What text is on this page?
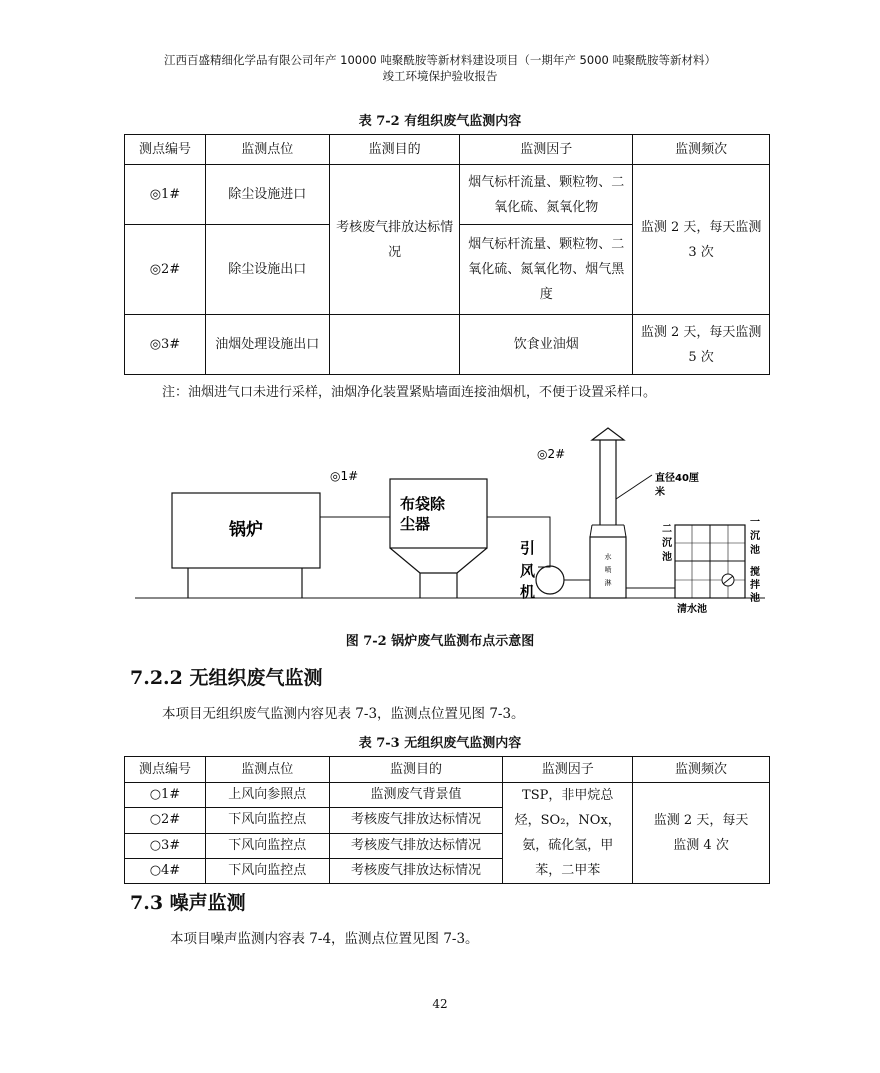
江西百盛精细化学品有限公司年产 10000 吨聚酰胺等新材料建设项目（一期年产 5000 吨聚酰胺等新材料）
竣工环境保护验收报告
表 7-2 有组织废气监测内容
测点编号	监测点位	监测目的	监测因子	监测频次
◎1#	除尘设施进口	考核废气排放达标情况	烟气标杆流量、颗粒物、二氧化硫、氮氧化物	监测 2 天，每天监测 3 次
◎2#	除尘设施出口		烟气标杆流量、颗粒物、二氧化硫、氮氧化物、烟气黑度	
◎3#	油烟处理设施出口		饮食业油烟	监测 2 天，每天监测 5 次
注：油烟进气口未进行采样，油烟净化装置紧贴墙面连接油烟机，不便于设置采样口。
锅炉
布袋除尘器
引
风
机
水
喷
淋
直径40厘
米
二
沉
池
一
沉
池
搅
拌
池
清水池
◎1#
◎2#
图 7-2 锅炉废气监测布点示意图
7.2.2 无组织废气监测
本项目无组织废气监测内容见表 7-3，监测点位置见图 7-3。
表 7-3 无组织废气监测内容
测点编号	监测点位	监测目的	监测因子	监测频次
○1#	上风向参照点	监测废气背景值	TSP，非甲烷总烃，SO₂，NOx，氨，硫化氢，甲苯，二甲苯	监测 2 天，每天监测 4 次
○2#	下风向监控点	考核废气排放达标情况		
○3#	下风向监控点	考核废气排放达标情况		
○4#	下风向监控点	考核废气排放达标情况		
7.3 噪声监测
本项目噪声监测内容表 7-4，监测点位置见图 7-3。
42
